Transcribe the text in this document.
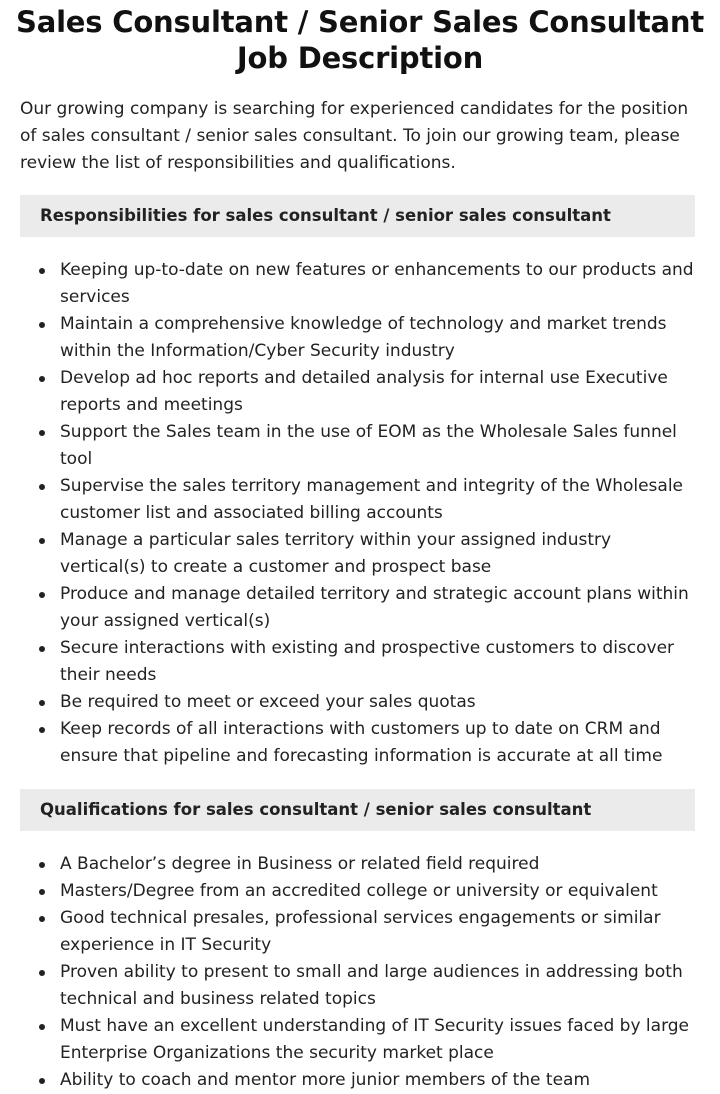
Sales Consultant / Senior Sales Consultant Job Description

Our growing company is searching for experienced candidates for the position of sales consultant / senior sales consultant. To join our growing team, please review the list of responsibilities and qualifications.

Responsibilities for sales consultant / senior sales consultant
Keeping up-to-date on new features or enhancements to our products and services
Maintain a comprehensive knowledge of technology and market trends within the Information/Cyber Security industry
Develop ad hoc reports and detailed analysis for internal use Executive reports and meetings
Support the Sales team in the use of EOM as the Wholesale Sales funnel tool
Supervise the sales territory management and integrity of the Wholesale customer list and associated billing accounts
Manage a particular sales territory within your assigned industry vertical(s) to create a customer and prospect base
Produce and manage detailed territory and strategic account plans within your assigned vertical(s)
Secure interactions with existing and prospective customers to discover their needs
Be required to meet or exceed your sales quotas
Keep records of all interactions with customers up to date on CRM and ensure that pipeline and forecasting information is accurate at all time
Qualifications for sales consultant / senior sales consultant
A Bachelor’s degree in Business or related field required
Masters/Degree from an accredited college or university or equivalent
Good technical presales, professional services engagements or similar experience in IT Security
Proven ability to present to small and large audiences in addressing both technical and business related topics
Must have an excellent understanding of IT Security issues faced by large Enterprise Organizations the security market place
Ability to coach and mentor more junior members of the team
